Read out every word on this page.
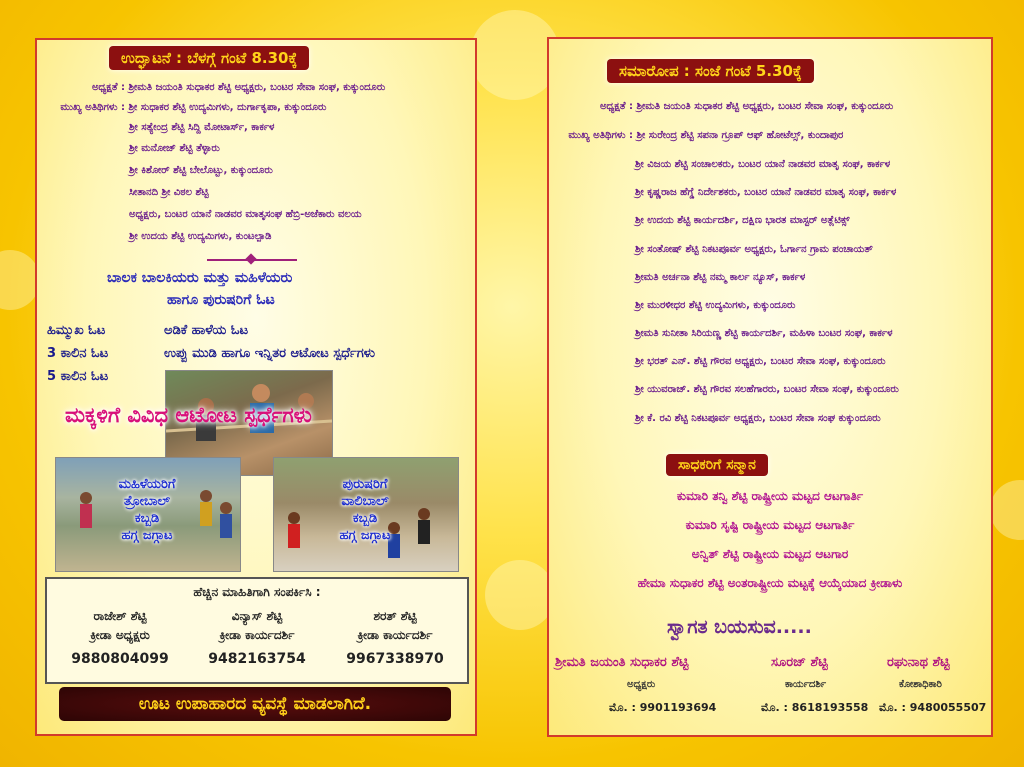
ಉದ್ಘಾಟನೆ : ಬೆಳಗ್ಗೆ ಗಂಟೆ 8.30ಕ್ಕೆ
ಅಧ್ಯಕ್ಷತೆ : ಶ್ರೀಮತಿ ಜಯಂತಿ ಸುಧಾಕರ ಶೆಟ್ಟಿ ಅಧ್ಯಕ್ಷರು, ಬಂಟರ ಸೇವಾ ಸಂಘ, ಕುಕ್ಕುಂದೂರು
ಮುಖ್ಯ ಅತಿಥಿಗಳು : ಶ್ರೀ ಸುಧಾಕರ ಶೆಟ್ಟಿ ಉದ್ಯಮಿಗಳು, ದುರ್ಗಾಕೃಪಾ, ಕುಕ್ಕುಂದೂರು
ಶ್ರೀ ಸತ್ಯೇಂದ್ರ ಶೆಟ್ಟಿ ಸಿದ್ದಿ ಮೋಟಾರ್ಸ್, ಕಾರ್ಕಳ
ಶ್ರೀ ಮನೋಜ್ ಶೆಟ್ಟಿ ತೆಳ್ಳಾರು
ಶ್ರೀ ಕಿಶೋರ್ ಶೆಟ್ಟಿ ಬೇಲೊಟ್ಟು, ಕುಕ್ಕುಂದೂರು
ಸೀತಾನದಿ ಶ್ರೀ ವಿಠಲ ಶೆಟ್ಟಿ
ಅಧ್ಯಕ್ಷರು, ಬಂಟರ ಯಾನೆ ನಾಡವರ ಮಾತೃಸಂಘ ಹೆಬ್ರಿ-ಅಜೆಕಾರು ವಲಯ
ಶ್ರೀ ಉದಯ ಶೆಟ್ಟಿ ಉದ್ಯಮಿಗಳು, ಕುಂಟಲ್ಪಾಡಿ
ಬಾಲಕ ಬಾಲಕಿಯರು ಮತ್ತು ಮಹಿಳೆಯರು
ಹಾಗೂ ಪುರುಷರಿಗೆ ಓಟ
ಹಿಮ್ಮುಖ ಓಟ
3 ಕಾಲಿನ ಓಟ
5 ಕಾಲಿನ ಓಟ
ಅಡಿಕೆ ಹಾಳೆಯ ಓಟ
ಉಪ್ಪು ಮುಡಿ ಹಾಗೂ ಇನ್ನಿತರ ಆಟೋಟ ಸ್ಪರ್ಧೆಗಳು
ಮಕ್ಕಳಿಗೆ ವಿವಿಧ ಆಟೋಟ ಸ್ಪರ್ಧೆಗಳು
ಮಹಿಳೆಯರಿಗೆ
ತ್ರೋಬಾಲ್
ಕಬ್ಬಡಿ
ಹಗ್ಗ ಜಗ್ಗಾಟ
ಪುರುಷರಿಗೆ
ವಾಲಿಬಾಲ್
ಕಬ್ಬಡಿ
ಹಗ್ಗ ಜಗ್ಗಾಟ
ಹೆಚ್ಚಿನ ಮಾಹಿತಿಗಾಗಿ ಸಂಪರ್ಕಿಸಿ :
ರಾಜೇಶ್ ಶೆಟ್ಟಿ
ಕ್ರೀಡಾ ಅಧ್ಯಕ್ಷರು
9880804099
ವಿನ್ಯಾಸ್ ಶೆಟ್ಟಿ
ಕ್ರೀಡಾ ಕಾರ್ಯದರ್ಶಿ
9482163754
ಶರತ್ ಶೆಟ್ಟಿ
ಕ್ರೀಡಾ ಕಾರ್ಯದರ್ಶಿ
9967338970
ಊಟ ಉಪಾಹಾರದ ವ್ಯವಸ್ಥೆ ಮಾಡಲಾಗಿದೆ.
ಸಮಾರೋಪ : ಸಂಜೆ ಗಂಟೆ 5.30ಕ್ಕೆ
ಅಧ್ಯಕ್ಷತೆ : ಶ್ರೀಮತಿ ಜಯಂತಿ ಸುಧಾಕರ ಶೆಟ್ಟಿ ಅಧ್ಯಕ್ಷರು, ಬಂಟರ ಸೇವಾ ಸಂಘ, ಕುಕ್ಕುಂದೂರು
ಮುಖ್ಯ ಅತಿಥಿಗಳು : ಶ್ರೀ ಸುರೇಂದ್ರ ಶೆಟ್ಟಿ ಸಪನಾ ಗ್ರೂಪ್ ಆಫ್ ಹೋಟೆಲ್ಸ್, ಕುಂದಾಪುರ
ಶ್ರೀ ವಿಜಯ ಶೆಟ್ಟಿ ಸಂಚಾಲಕರು, ಬಂಟರ ಯಾನೆ ನಾಡವರ ಮಾತೃ ಸಂಘ, ಕಾರ್ಕಳ
ಶ್ರೀ ಕೃಷ್ಣರಾಜ ಹೆಗ್ಡೆ ನಿರ್ದೇಶಕರು, ಬಂಟರ ಯಾನೆ ನಾಡವರ ಮಾತೃ ಸಂಘ, ಕಾರ್ಕಳ
ಶ್ರೀ ಉದಯ ಶೆಟ್ಟಿ ಕಾರ್ಯದರ್ಶಿ, ದಕ್ಷಿಣ ಭಾರತ ಮಾಸ್ಟರ್ ಅತ್ಲೆಟಿಕ್ಸ್
ಶ್ರೀ ಸಂತೋಷ್ ಶೆಟ್ಟಿ ನಿಕಟಪೂರ್ವ ಅಧ್ಯಕ್ಷರು, ಓರ್ಗಾನ ಗ್ರಾಮ ಪಂಚಾಯತ್
ಶ್ರೀಮತಿ ಅರ್ಚನಾ ಶೆಟ್ಟಿ ನಮ್ಮ ಕಾರ್ಲ ನ್ಯೂಸ್, ಕಾರ್ಕಳ
ಶ್ರೀ ಮುರಳೀಧರ ಶೆಟ್ಟಿ ಉದ್ಯಮಿಗಳು, ಕುಕ್ಕುಂದೂರು
ಶ್ರೀಮತಿ ಸುನೀತಾ ಸಿರಿಯಣ್ಣ ಶೆಟ್ಟಿ ಕಾರ್ಯದರ್ಶಿ, ಮಹಿಳಾ ಬಂಟರ ಸಂಘ, ಕಾರ್ಕಳ
ಶ್ರೀ ಭರತ್ ಎನ್. ಶೆಟ್ಟಿ ಗೌರವ ಅಧ್ಯಕ್ಷರು, ಬಂಟರ ಸೇವಾ ಸಂಘ, ಕುಕ್ಕುಂದೂರು
ಶ್ರೀ ಯುವರಾಜ್. ಶೆಟ್ಟಿ ಗೌರವ ಸಲಹೆಗಾರರು, ಬಂಟರ ಸೇವಾ ಸಂಘ, ಕುಕ್ಕುಂದೂರು
ಶ್ರೀ ಕೆ. ರವಿ ಶೆಟ್ಟಿ ನಿಕಟಪೂರ್ವ ಅಧ್ಯಕ್ಷರು, ಬಂಟರ ಸೇವಾ ಸಂಘ ಕುಕ್ಕುಂದೂರು
ಸಾಧಕರಿಗೆ ಸನ್ಮಾನ
ಕುಮಾರಿ ತನ್ವಿ ಶೆಟ್ಟಿ ರಾಷ್ಟ್ರೀಯ ಮಟ್ಟದ ಆಟಗಾರ್ತಿ
ಕುಮಾರಿ ಸೃಷ್ಟಿ ರಾಷ್ಟ್ರೀಯ ಮಟ್ಟದ ಆಟಗಾರ್ತಿ
ಅನ್ವಿತ್ ಶೆಟ್ಟಿ ರಾಷ್ಟ್ರೀಯ ಮಟ್ಟದ ಆಟಗಾರ
ಹೇಮಾ ಸುಧಾಕರ ಶೆಟ್ಟಿ ಅಂತರಾಷ್ಟ್ರೀಯ ಮಟ್ಟಕ್ಕೆ ಆಯ್ಕೆಯಾದ ಕ್ರೀಡಾಳು
ಸ್ವಾಗತ ಬಯಸುವ.....
ಶ್ರೀಮತಿ ಜಯಂತಿ ಸುಧಾಕರ ಶೆಟ್ಟಿ	ಸೂರಜ್ ಶೆಟ್ಟಿ	ರಘುನಾಥ ಶೆಟ್ಟಿ
ಅಧ್ಯಕ್ಷರು	ಕಾರ್ಯದರ್ಶಿ	ಕೋಶಾಧಿಕಾರಿ
ಮೊ. : 9901193694	ಮೊ. : 8618193558 ಮೊ. : 9480055507
